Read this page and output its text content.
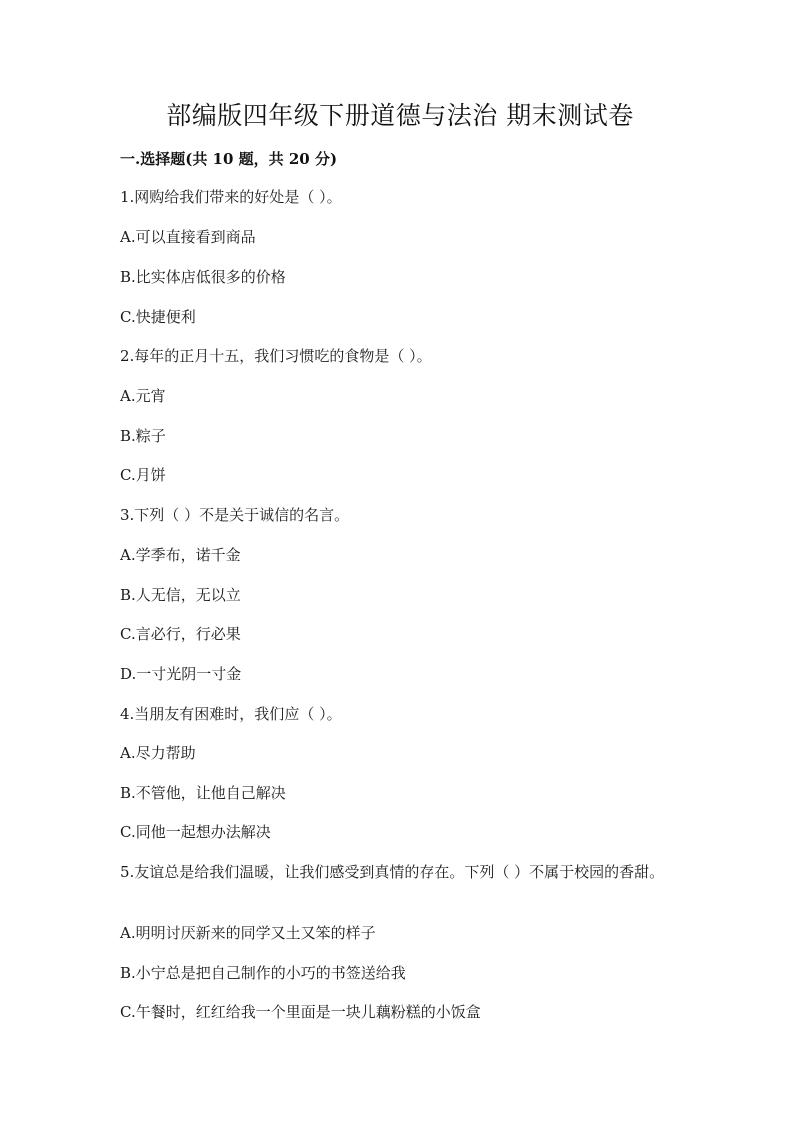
部编版四年级下册道德与法治 期末测试卷
一.选择题(共 10 题，共 20 分)
1.网购给我们带来的好处是（ ）。
A.可以直接看到商品
B.比实体店低很多的价格
C.快捷便利
2.每年的正月十五，我们习惯吃的食物是（ ）。
A.元宵
B.粽子
C.月饼
3.下列（ ）不是关于诚信的名言。
A.学季布，诺千金
B.人无信，无以立
C.言必行，行必果
D.一寸光阴一寸金
4.当朋友有困难时，我们应（ ）。
A.尽力帮助
B.不管他，让他自己解决
C.同他一起想办法解决
5.友谊总是给我们温暖，让我们感受到真情的存在。下列（ ）不属于校园的香甜。
A.明明讨厌新来的同学又土又笨的样子
B.小宁总是把自己制作的小巧的书签送给我
C.午餐时，红红给我一个里面是一块儿藕粉糕的小饭盒
